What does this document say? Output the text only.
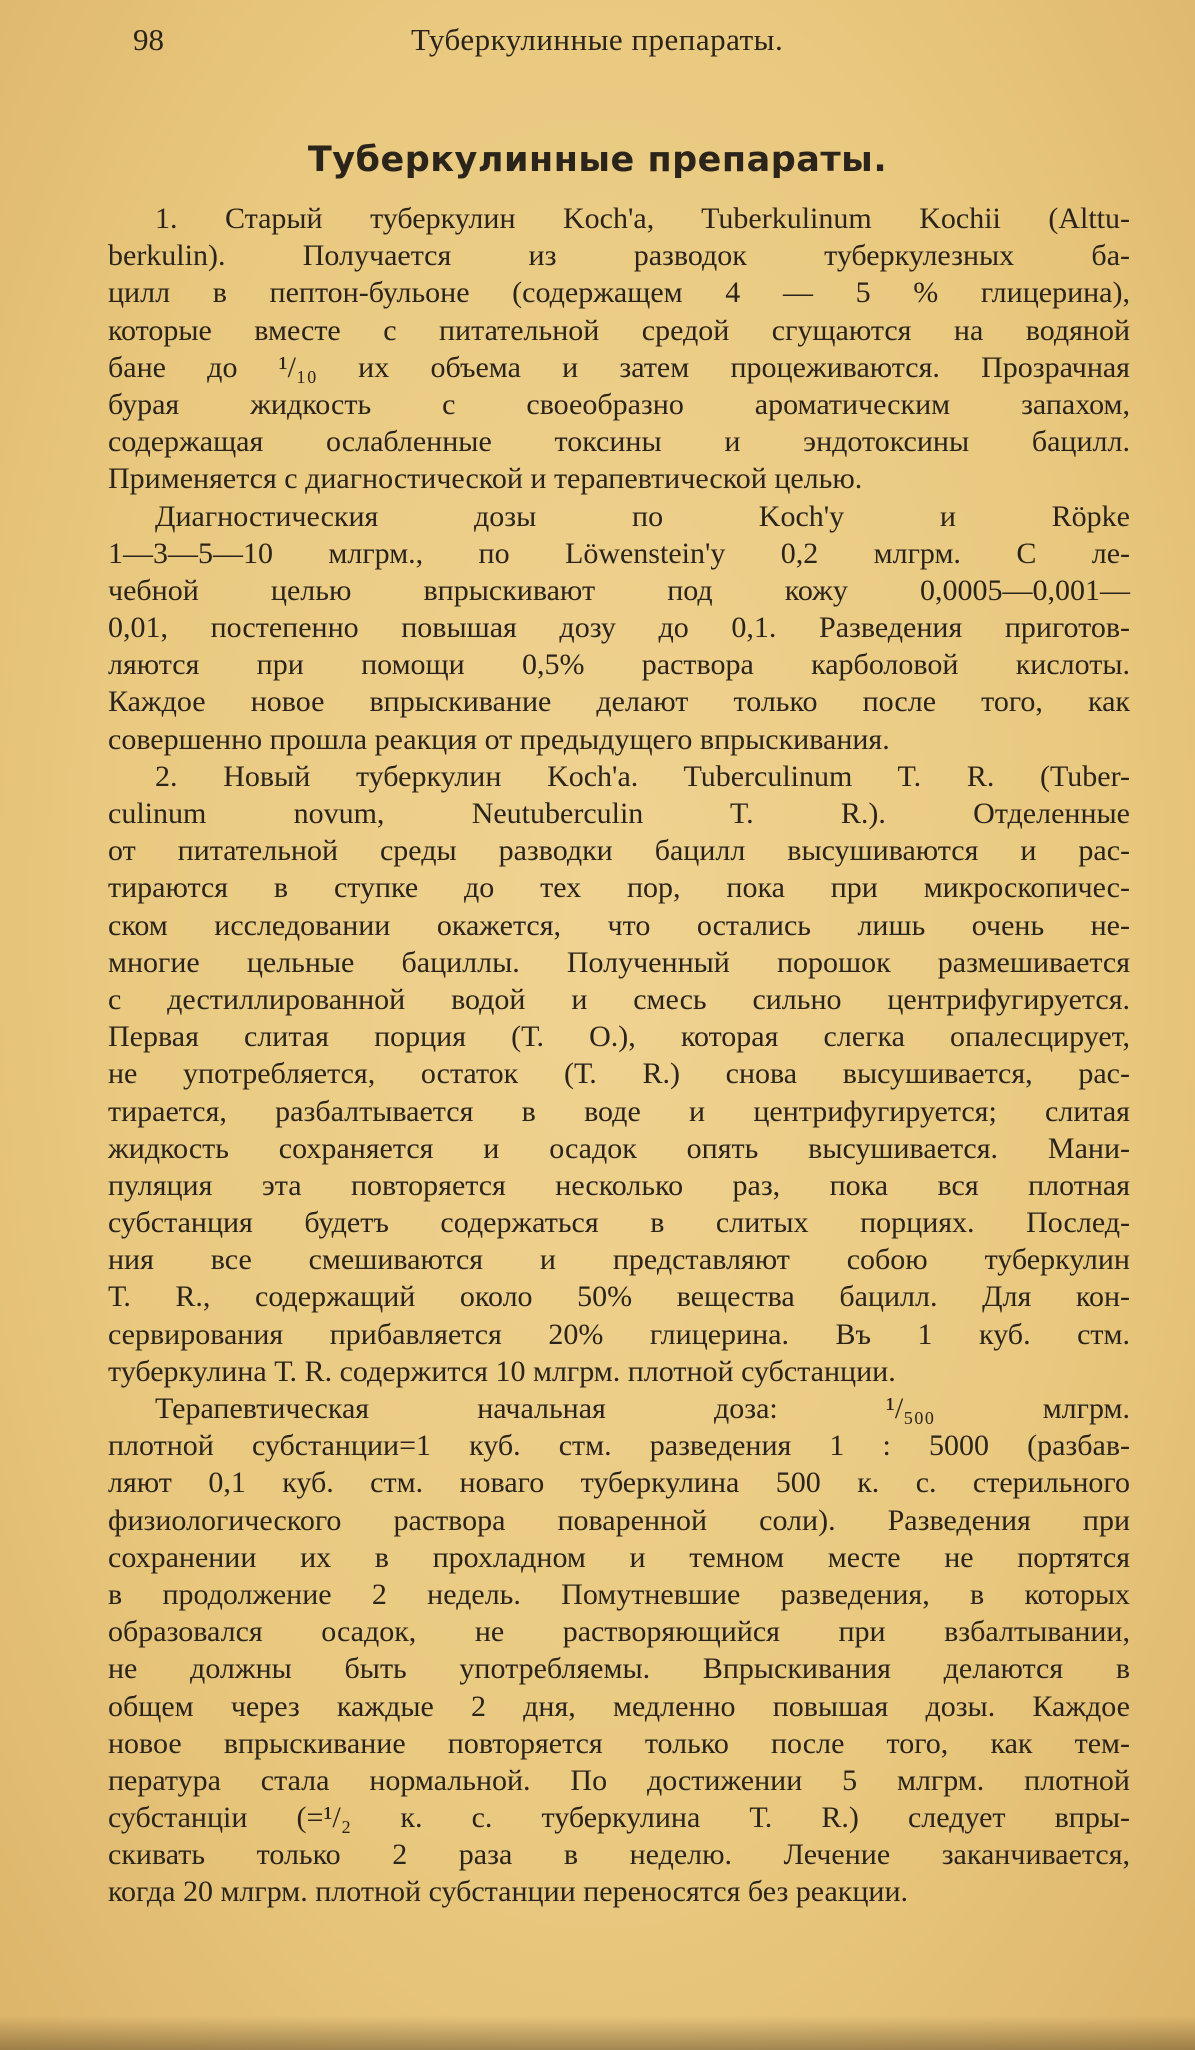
98	Туберкулинные препараты.
Туберкулинные препараты.
1. Старый туберкулин Koch'a, Tuberkulinum Kochii (Alttu-
berkulin). Получается из разводок туберкулезных ба-
цилл в пептон-бульоне (содержащем 4 — 5 % глицерина),
которые вместе с питательной средой сгущаются на водяной
бане до ¹/₁₀ их объема и затем процеживаются. Прозрачная
бурая жидкость с своеобразно ароматическим запахом,
содержащая ослабленные токсины и эндотоксины бацилл.
Применяется с диагностической и терапевтической целью.
Диагностическия дозы по Koch'y и Röpke
1—3—5—10 млгрм., по Löwenstein'y 0,2 млгрм. С ле-
чебной целью впрыскивают под кожу 0,0005—0,001—
0,01, постепенно повышая дозу до 0,1. Разведения приготов-
ляются при помощи 0,5% раствора карболовой кислоты.
Каждое новое впрыскивание делают только после того, как
совершенно прошла реакция от предыдущего впрыскивания.
2. Новый туберкулин Koch'a. Tuberculinum T. R. (Tuber-
culinum novum, Neutuberculin T. R.). Отделенные
от питательной среды разводки бацилл высушиваются и рас-
тираются в ступке до тех пор, пока при микроскопичес-
ском исследовании окажется, что остались лишь очень не-
многие цельные бациллы. Полученный порошок размешивается
с дестиллированной водой и смесь сильно центрифугируется.
Первая слитая порция (Т. О.), которая слегка опалесцирует,
не употребляется, остаток (Т. R.) снова высушивается, рас-
тирается, разбалтывается в воде и центрифугируется; слитая
жидкость сохраняется и осадок опять высушивается. Мани-
пуляция эта повторяется несколько раз, пока вся плотная
субстанция будетъ содержаться в слитых порциях. Послед-
ния все смешиваются и представляют собою туберкулин
Т. R., содержащий около 50% вещества бацилл. Для кон-
сервирования прибавляется 20% глицерина. Въ 1 куб. стм.
туберкулина Т. R. содержится 10 млгрм. плотной субстанции.
Терапевтическая начальная доза: ¹/₅₀₀ млгрм.
плотной субстанции=1 куб. стм. разведения 1 : 5000 (разбав-
ляют 0,1 куб. стм. новаго туберкулина 500 к. с. стерильного
физиологического раствора поваренной соли). Разведения при
сохранении их в прохладном и темном месте не портятся
в продолжение 2 недель. Помутневшие разведения, в которых
образовался осадок, не растворяющийся при взбалтывании,
не должны быть употребляемы. Впрыскивания делаются в
общем через каждые 2 дня, медленно повышая дозы. Каждое
новое впрыскивание повторяется только после того, как тем-
пература стала нормальной. По достижении 5 млгрм. плотной
субстанціи (=¹/₂ к. с. туберкулина Т. R.) следует впры-
скивать только 2 раза в неделю. Лечение заканчивается,
когда 20 млгрм. плотной субстанции переносятся без реакции.
